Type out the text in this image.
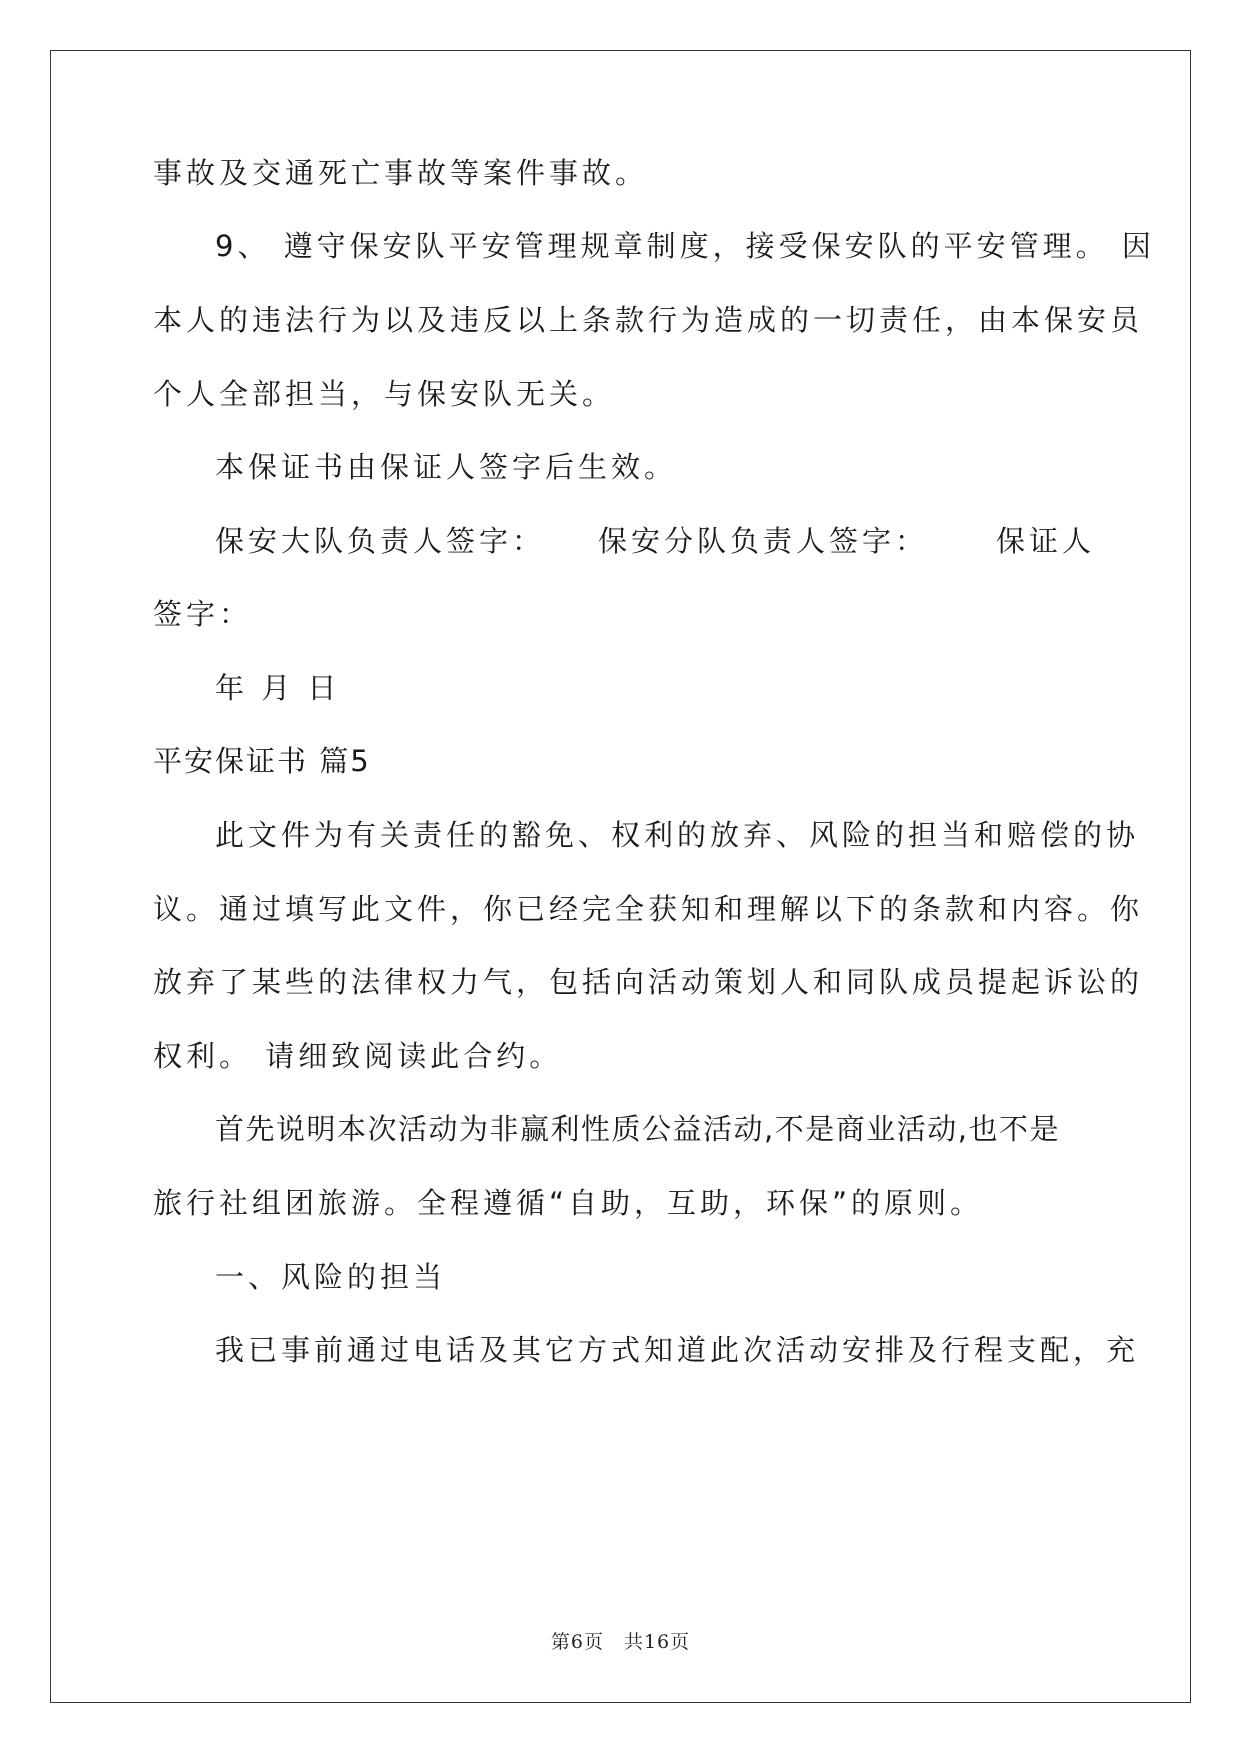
事故及交通死亡事故等案件事故。
9、 遵守保安队平安管理规章制度，接受保安队的平安管理。 因
本人的违法行为以及违反以上条款行为造成的一切责任，由本保安员
个人全部担当，与保安队无关。
本保证书由保证人签字后生效。
保安大队负责人签字： 保安分队负责人签字： 保证人
签字：
年 月 日
平安保证书 篇5
此文件为有关责任的豁免、权利的放弃、风险的担当和赔偿的协
议。通过填写此文件，你已经完全获知和理解以下的条款和内容。你
放弃了某些的法律权力气，包括向活动策划人和同队成员提起诉讼的
权利。 请细致阅读此合约。
首先说明本次活动为非赢利性质公益活动,不是商业活动,也不是
旅行社组团旅游。全程遵循“自助，互助，环保”的原则。
一、风险的担当
我已事前通过电话及其它方式知道此次活动安排及行程支配，充
第6页　共16页
